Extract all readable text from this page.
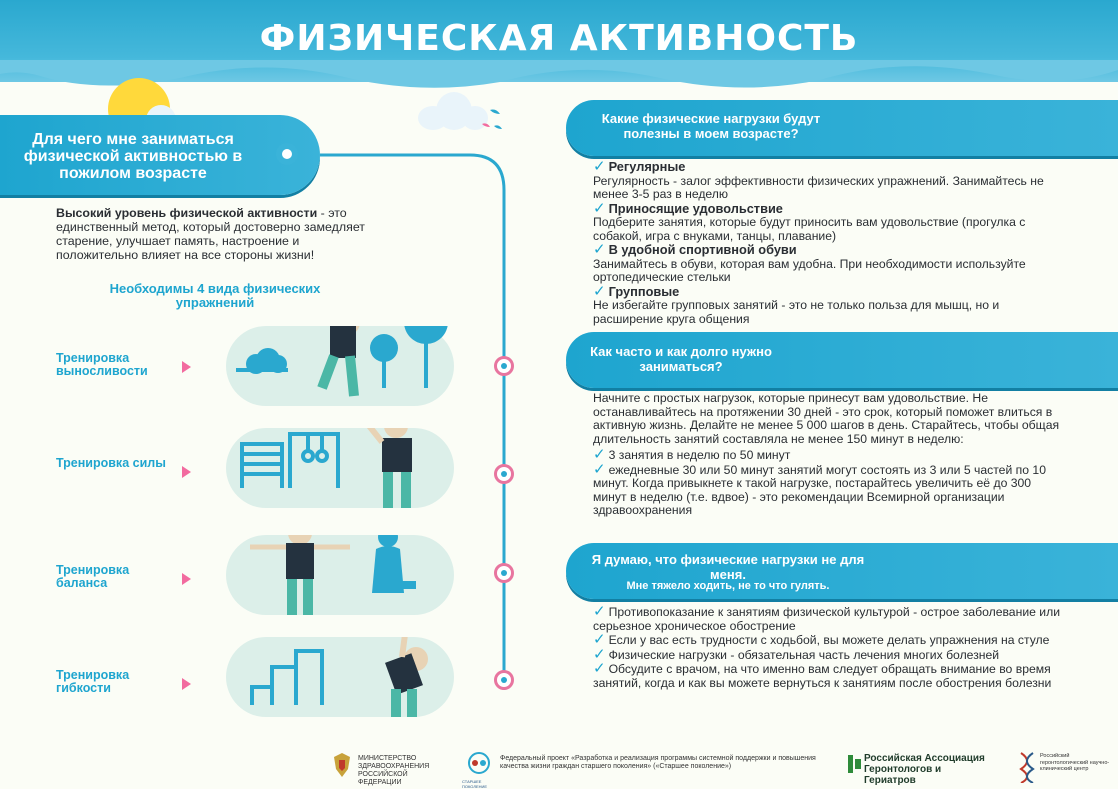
ФИЗИЧЕСКАЯ АКТИВНОСТЬ
Для чего мне заниматься физической активностью в пожилом возрасте
Высокий уровень физической активности - это единственный метод, который достоверно замедляет старение, улучшает память, настроение и положительно влияет на все стороны жизни!
Необходимы 4 вида физических упражнений
Тренировка выносливости
Тренировка силы
Тренировка баланса
Тренировка гибкости
Какие физические нагрузки будут полезны в моем возрасте?
✓ Регулярные
Регулярность - залог эффективности физических упражнений. Занимайтесь не менее 3-5 раз в неделю
✓ Приносящие удовольствие
Подберите занятия, которые будут приносить вам удовольствие (прогулка с собакой, игра с внуками, танцы, плавание)
✓ В удобной спортивной обуви
Занимайтесь в обуви, которая вам удобна. При необходимости используйте ортопедические стельки
✓ Групповые
Не избегайте групповых занятий - это не только польза для мышц, но и расширение круга общения
Как часто и как долго нужно заниматься?
Начните с простых нагрузок, которые принесут вам удовольствие. Не останавливайтесь на протяжении 30 дней - это срок, который поможет влиться в активную жизнь. Делайте не менее 5 000 шагов в день. Старайтесь, чтобы общая длительность занятий составляла не менее 150 минут в неделю:
✓ 3 занятия в неделю по 50 минут
✓ ежедневные 30 или 50 минут занятий могут состоять из 3 или 5 частей по 10 минут. Когда привыкнете к такой нагрузке, постарайтесь увеличить её до 300 минут в неделю (т.е. вдвое) - это рекомендации Всемирной организации здравоохранения
Я думаю, что физические нагрузки не для меня.
Мне тяжело ходить, не то что гулять.
✓ Противопоказание к занятиям физической культурой - острое заболевание или серьезное хроническое обострение
✓ Если у вас есть трудности с ходьбой, вы можете делать упражнения на стуле
✓ Физические нагрузки - обязательная часть лечения многих болезней
✓ Обсудите с врачом, на что именно вам следует обращать внимание во время занятий, когда и как вы можете вернуться к занятиям после обострения болезни
МИНИСТЕРСТВО ЗДРАВООХРАНЕНИЯ РОССИЙСКОЙ ФЕДЕРАЦИИ	СТАРШЕЕ ПОКОЛЕНИЕ
Федеральный проект «Разработка и реализация программы системной поддержки и повышения качества жизни граждан старшего поколения» («Старшее поколение»)
Российская Ассоциация Геронтологов и Гериатров
Российский геронтологический научно-клинический центр
